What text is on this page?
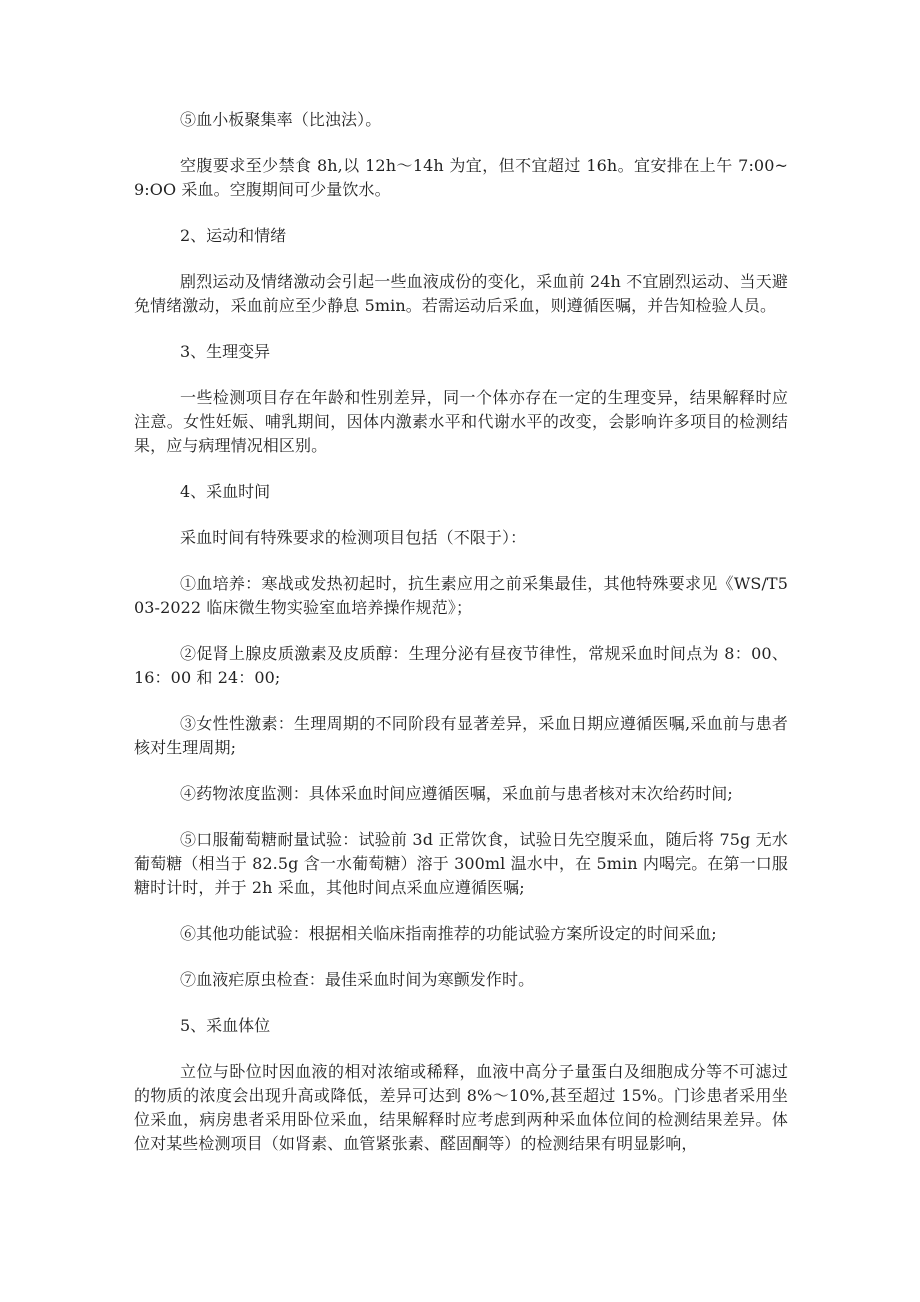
⑤血小板聚集率（比浊法）。

空腹要求至少禁食 8h,以 12h～14h 为宜，但不宜超过 16h。宜安排在上午 7:00~9:OO 采血。空腹期间可少量饮水。

2、运动和情绪

剧烈运动及情绪激动会引起一些血液成份的变化，采血前 24h 不宜剧烈运动、当天避免情绪激动，采血前应至少静息 5min。若需运动后采血，则遵循医嘱，并告知检验人员。

3、生理变异

一些检测项目存在年龄和性别差异，同一个体亦存在一定的生理变异，结果解释时应注意。女性妊娠、哺乳期间，因体内激素水平和代谢水平的改变，会影响许多项目的检测结果，应与病理情况相区别。

4、采血时间

采血时间有特殊要求的检测项目包括（不限于）：

①血培养：寒战或发热初起时，抗生素应用之前采集最佳，其他特殊要求见《WS/T503-2022 临床微生物实验室血培养操作规范》；

②促肾上腺皮质激素及皮质醇：生理分泌有昼夜节律性，常规采血时间点为 8：00、16：00 和 24：00;

③女性性激素：生理周期的不同阶段有显著差异，采血日期应遵循医嘱,采血前与患者核对生理周期;

④药物浓度监测：具体采血时间应遵循医嘱，采血前与患者核对末次给药时间;

⑤口服葡萄糖耐量试验：试验前 3d 正常饮食，试验日先空腹采血，随后将 75g 无水葡萄糖（相当于 82.5g 含一水葡萄糖）溶于 300ml 温水中，在 5min 内喝完。在第一口服糖时计时，并于 2h 采血，其他时间点采血应遵循医嘱;

⑥其他功能试验：根据相关临床指南推荐的功能试验方案所设定的时间采血;

⑦血液疟原虫检查：最佳采血时间为寒颤发作时。

5、采血体位

立位与卧位时因血液的相对浓缩或稀释，血液中高分子量蛋白及细胞成分等不可滤过的物质的浓度会出现升高或降低，差异可达到 8%～10%,甚至超过 15%。门诊患者采用坐位采血，病房患者采用卧位采血，结果解释时应考虑到两种采血体位间的检测结果差异。体位对某些检测项目（如肾素、血管紧张素、醛固酮等）的检测结果有明显影响，
